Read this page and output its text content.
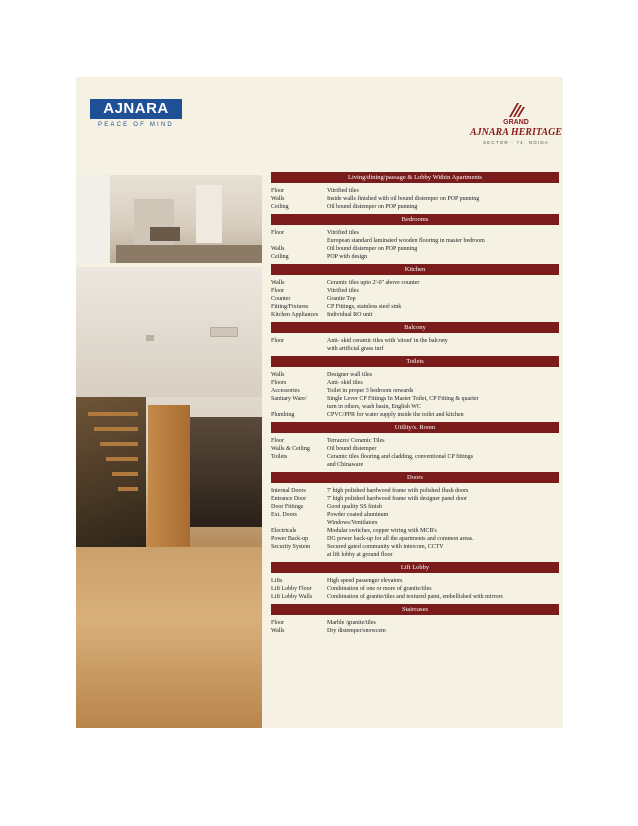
AJNARA
PEACE OF MIND	GRAND
AJNARA HERITAGE
SECTOR - 74, NOIDA
Living/dining/passage & Lobby Within Apartments
Floor	Vitrified tiles
Walls	Inside walls finished with oil bound distemper on POP punning
Ceiling	Oil bound distemper on POP punning
Bedrooms
Floor	Vitrified tiles
European standard laminated wooden flooring in master bedroom
Walls	Oil bound distemper on POP punning
Ceiling	POP with design
Kitchen
Walls	Ceramic tiles upto 2'-0" above counter
Floor	Vitrified tiles
Counter	Granite Top
Fitting/Fixtures	CP Fittings, stainless steel sink
Kitchen Appliances	Individual RO unit
Balcony
Floor	Anti- skid ceramic tiles with 'sitout' in the balcony
with artificial grass turf
Toilets
Walls	Designer wall tiles
Floors	Anti- skid tiles
Accessories	Toilet in proper 3 bedroom onwards
Sanitary Ware/	Single Lever CP Fittings In Master Toilet, CP Fitting & quarter
turn in others, wash basin, English WC
Plumbing	CPVC/PPR for water supply inside the toilet and kitchen
Utility/s. Room
Floor	Terrazzo/ Ceramic Tiles
Walls & Ceiling	Oil bound distemper
Toilets	Ceramic tiles flooring and cladding, conventional CP fittings
and Chinaware
Doors
Internal Doors	7' high polished hardwood frame with polished flush doors
Entrance Door	7' high polished hardwood frame with designer panel door
Door Fittings	Good quality SS finish
Ext. Doors	Powder coated aluminum
Windows/Ventilators
Electricals	Modular switches, copper wiring with MCB's
Power Back-up	DG power back-up for all the apartments and common areas.
Security System	Secured gated community with intercom, CCTV
at lift lobby at ground floor
Lift Lobby
Lifts	High speed passenger elevators
Lift Lobby Floor	Combination of one or more of granite/tiles
Lift Lobby Walls	Combination of granite/tiles and textured paint, embellished with mirrors
Staircases
Floor	Marble /granite/tiles
Walls	Dry distemper/snowcem
